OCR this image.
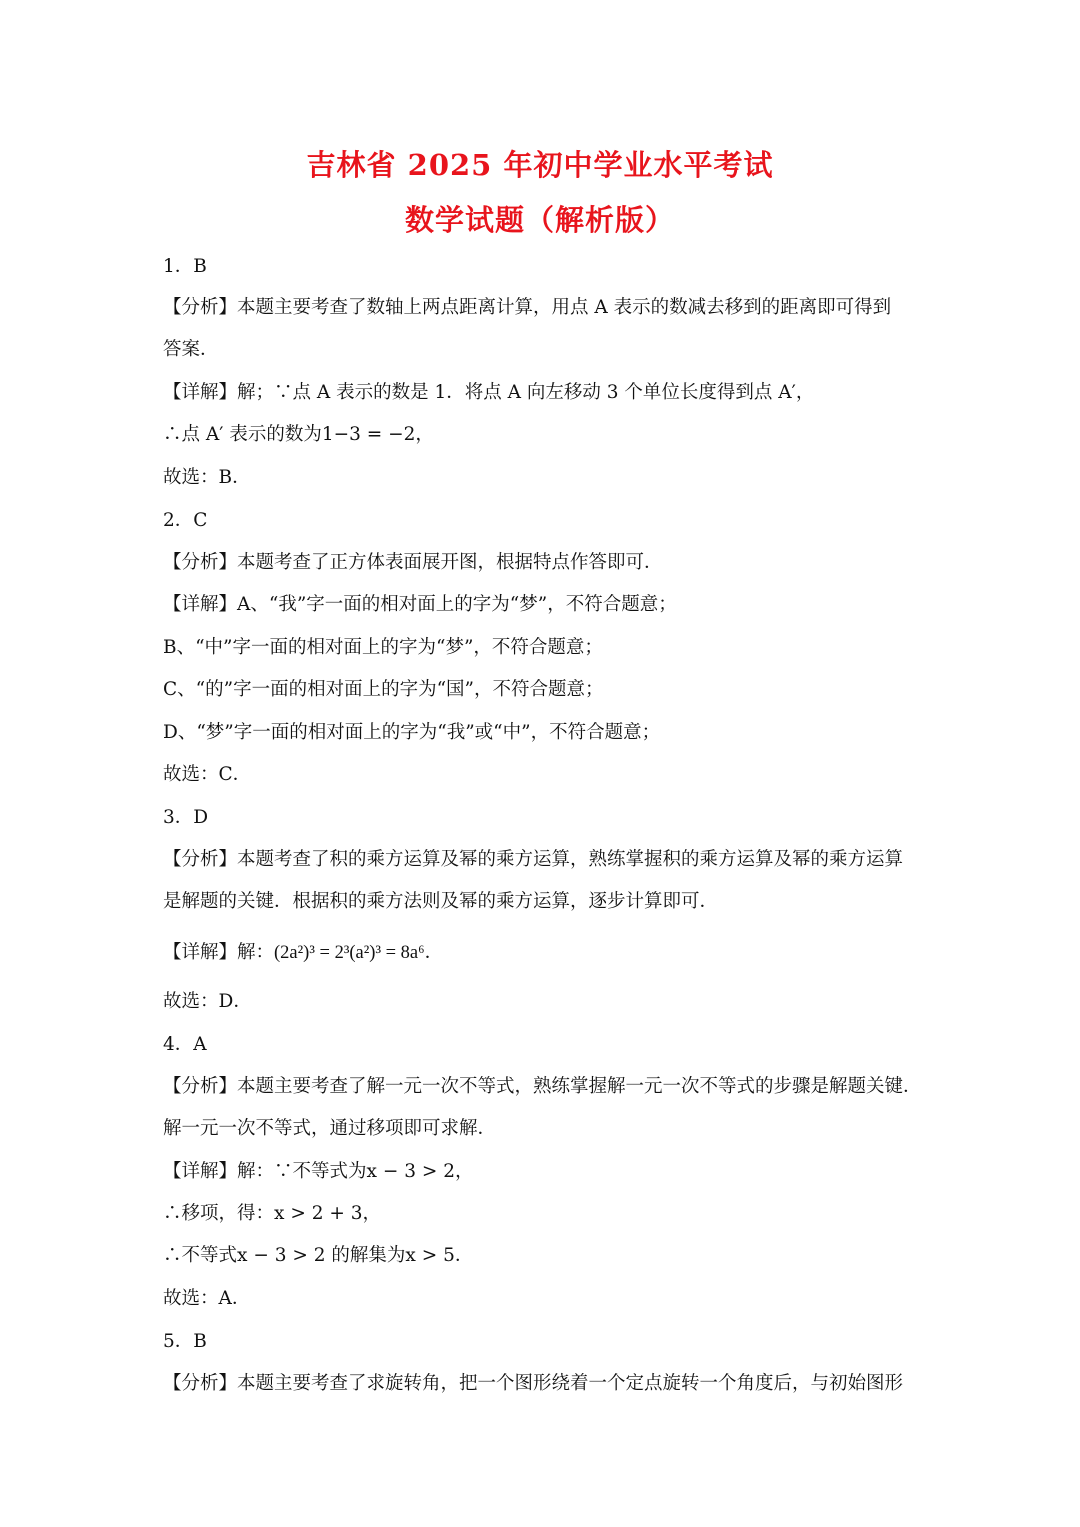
吉林省 2025 年初中学业水平考试
数学试题（解析版）
1．B
【分析】本题主要考查了数轴上两点距离计算，用点 A 表示的数减去移到的距离即可得到
答案．
【详解】解；∵点 A 表示的数是 1．将点 A 向左移动 3 个单位长度得到点 A′，
∴点 A′ 表示的数为1−3 = −2，
故选：B．
2．C
【分析】本题考查了正方体表面展开图，根据特点作答即可．
【详解】A、“我”字一面的相对面上的字为“梦”，不符合题意；
B、“中”字一面的相对面上的字为“梦”，不符合题意；
C、“的”字一面的相对面上的字为“国”，不符合题意；
D、“梦”字一面的相对面上的字为“我”或“中”，不符合题意；
故选：C．
3．D
【分析】本题考查了积的乘方运算及幂的乘方运算，熟练掌握积的乘方运算及幂的乘方运算
是解题的关键．根据积的乘方法则及幂的乘方运算，逐步计算即可．
【详解】解：(2a²)³ = 2³(a²)³ = 8a⁶．
故选：D．
4．A
【分析】本题主要考查了解一元一次不等式，熟练掌握解一元一次不等式的步骤是解题关键．
解一元一次不等式，通过移项即可求解．
【详解】解：∵不等式为x − 3 > 2，
∴移项，得：x > 2 + 3，
∴不等式x − 3 > 2 的解集为x > 5．
故选：A．
5．B
【分析】本题主要考查了求旋转角，把一个图形绕着一个定点旋转一个角度后，与初始图形
